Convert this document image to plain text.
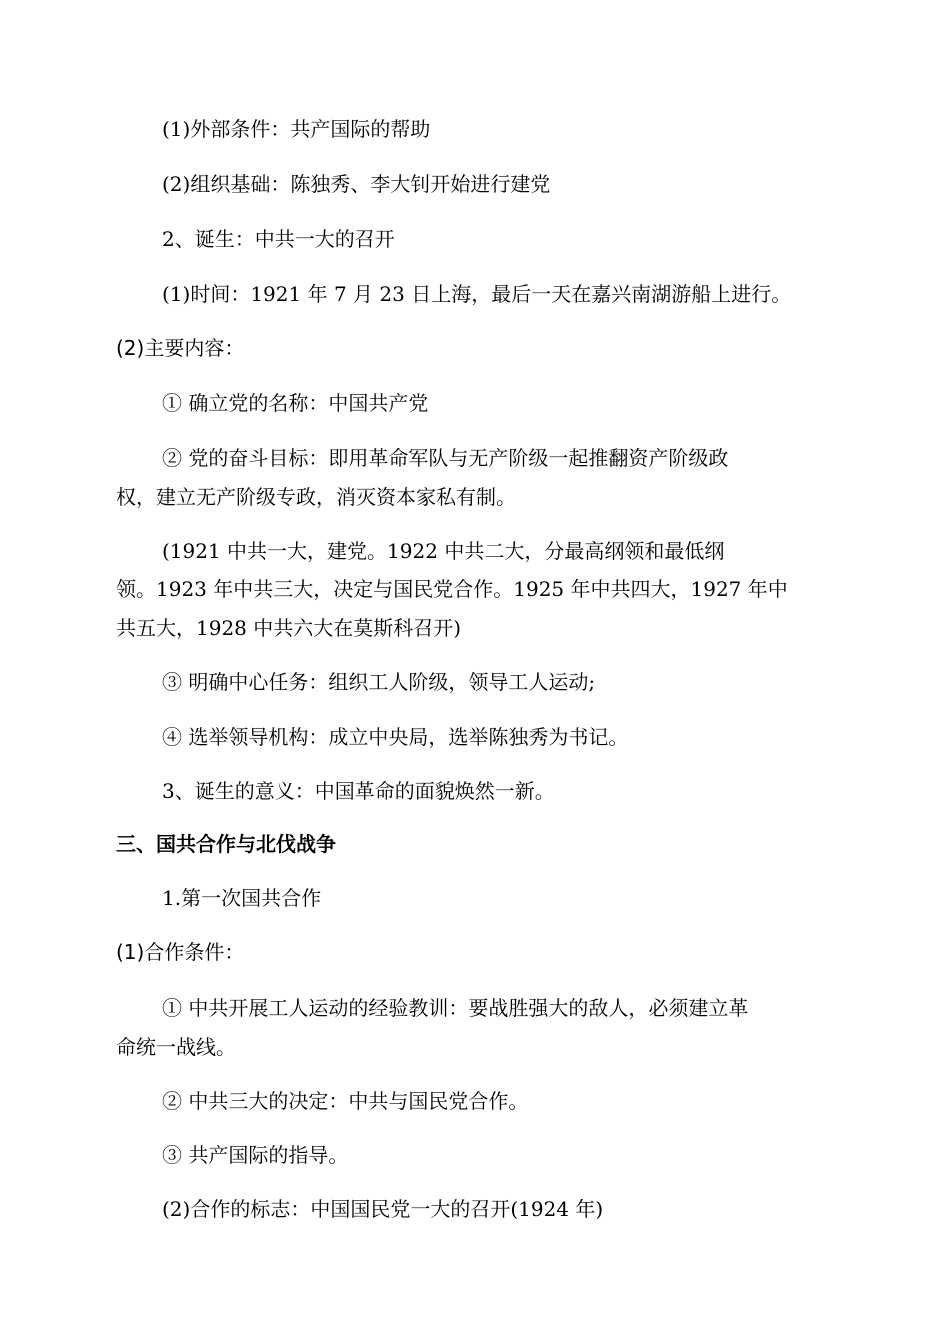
(1)外部条件：共产国际的帮助
(2)组织基础：陈独秀、李大钊开始进行建党
2、诞生：中共一大的召开
(1)时间：1921 年 7 月 23 日上海，最后一天在嘉兴南湖游船上进行。
(2)主要内容：
① 确立党的名称：中国共产党
② 党的奋斗目标：即用革命军队与无产阶级一起推翻资产阶级政
权，建立无产阶级专政，消灭资本家私有制。
(1921 中共一大，建党。1922 中共二大，分最高纲领和最低纲
领。1923 年中共三大，决定与国民党合作。1925 年中共四大，1927 年中
共五大，1928 中共六大在莫斯科召开)
③ 明确中心任务：组织工人阶级，领导工人运动;
④ 选举领导机构：成立中央局，选举陈独秀为书记。
3、诞生的意义：中国革命的面貌焕然一新。
三、国共合作与北伐战争
1.第一次国共合作
(1)合作条件：
① 中共开展工人运动的经验教训：要战胜强大的敌人，必须建立革
命统一战线。
② 中共三大的决定：中共与国民党合作。
③ 共产国际的指导。
(2)合作的标志：中国国民党一大的召开(1924 年)
